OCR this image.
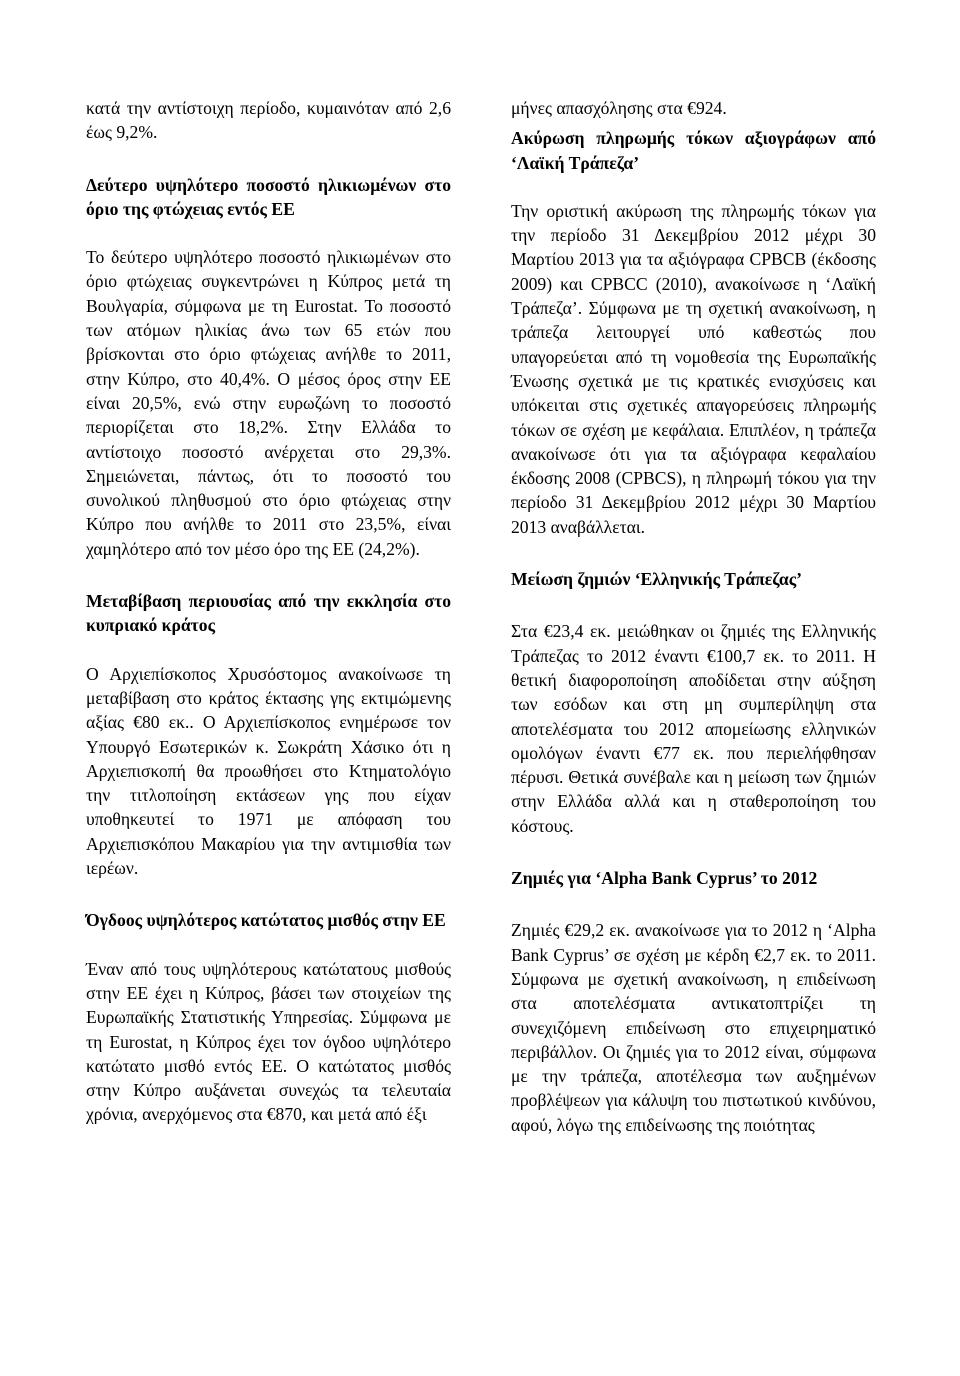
κατά την αντίστοιχη περίοδο, κυμαινόταν από 2,6 έως 9,2%.

Δεύτερο υψηλότερο ποσοστό ηλικιωμένων στο όριο της φτώχειας εντός ΕΕ

Το δεύτερο υψηλότερο ποσοστό ηλικιωμένων στο όριο φτώχειας συγκεντρώνει η Κύπρος μετά τη Βουλγαρία, σύμφωνα με τη Eurostat. Το ποσοστό των ατόμων ηλικίας άνω των 65 ετών που βρίσκονται στο όριο φτώχειας ανήλθε το 2011, στην Κύπρο, στο 40,4%. Ο μέσος όρος στην ΕΕ είναι 20,5%, ενώ στην ευρωζώνη το ποσοστό περιορίζεται στο 18,2%. Στην Ελλάδα το αντίστοιχο ποσοστό ανέρχεται στο 29,3%. Σημειώνεται, πάντως, ότι το ποσοστό του συνολικού πληθυσμού στο όριο φτώχειας στην Κύπρο που ανήλθε το 2011 στο 23,5%, είναι χαμηλότερο από τον μέσο όρο της ΕΕ (24,2%).

Μεταβίβαση περιουσίας από την εκκλησία στο κυπριακό κράτος

Ο Αρχιεπίσκοπος Χρυσόστομος ανακοίνωσε τη μεταβίβαση στο κράτος έκτασης γης εκτιμώμενης αξίας €80 εκ.. Ο Αρχιεπίσκοπος ενημέρωσε τον Υπουργό Εσωτερικών κ. Σωκράτη Χάσικο ότι η Αρχιεπισκοπή θα προωθήσει στο Κτηματολόγιο την τιτλοποίηση εκτάσεων γης που είχαν υποθηκευτεί το 1971 με απόφαση του Αρχιεπισκόπου Μακαρίου για την αντιμισθία των ιερέων.

Όγδοος υψηλότερος κατώτατος μισθός στην ΕΕ

Έναν από τους υψηλότερους κατώτατους μισθούς στην ΕΕ έχει η Κύπρος, βάσει των στοιχείων της Ευρωπαϊκής Στατιστικής Υπηρεσίας. Σύμφωνα με τη Eurostat, η Κύπρος έχει τον όγδοο υψηλότερο κατώτατο μισθό εντός ΕΕ. Ο κατώτατος μισθός στην Κύπρο αυξάνεται συνεχώς τα τελευταία χρόνια, ανερχόμενος στα €870, και μετά από έξι

μήνες απασχόλησης στα €924.

Ακύρωση πληρωμής τόκων αξιογράφων από ‘Λαϊκή Τράπεζα’

Την οριστική ακύρωση της πληρωμής τόκων για την περίοδο 31 Δεκεμβρίου 2012 μέχρι 30 Μαρτίου 2013 για τα αξιόγραφα CPBCB (έκδοσης 2009) και CPBCC (2010), ανακοίνωσε η ‘Λαϊκή Τράπεζα’. Σύμφωνα με τη σχετική ανακοίνωση, η τράπεζα λειτουργεί υπό καθεστώς που υπαγορεύεται από τη νομοθεσία της Ευρωπαϊκής Ένωσης σχετικά με τις κρατικές ενισχύσεις και υπόκειται στις σχετικές απαγορεύσεις πληρωμής τόκων σε σχέση με κεφάλαια. Επιπλέον, η τράπεζα ανακοίνωσε ότι για τα αξιόγραφα κεφαλαίου έκδοσης 2008 (CPBCS), η πληρωμή τόκου για την περίοδο 31 Δεκεμβρίου 2012 μέχρι 30 Μαρτίου 2013 αναβάλλεται.

Μείωση ζημιών ‘Ελληνικής Τράπεζας’

Στα €23,4 εκ. μειώθηκαν οι ζημιές της Ελληνικής Τράπεζας το 2012 έναντι €100,7 εκ. το 2011. Η θετική διαφοροποίηση αποδίδεται στην αύξηση των εσόδων και στη μη συμπερίληψη στα αποτελέσματα του 2012 απομείωσης ελληνικών ομολόγων έναντι €77 εκ. που περιελήφθησαν πέρυσι. Θετικά συνέβαλε και η μείωση των ζημιών στην Ελλάδα αλλά και η σταθεροποίηση του κόστους.

Ζημιές για ‘Alpha Bank Cyprus’ το 2012

Ζημιές €29,2 εκ. ανακοίνωσε για το 2012 η ‘Alpha Bank Cyprus’ σε σχέση με κέρδη €2,7 εκ. το 2011. Σύμφωνα με σχετική ανακοίνωση, η επιδείνωση στα αποτελέσματα αντικατοπτρίζει τη συνεχιζόμενη επιδείνωση στο επιχειρηματικό περιβάλλον. Οι ζημιές για το 2012 είναι, σύμφωνα με την τράπεζα, αποτέλεσμα των αυξημένων προβλέψεων για κάλυψη του πιστωτικού κινδύνου, αφού, λόγω της επιδείνωσης της ποιότητας
